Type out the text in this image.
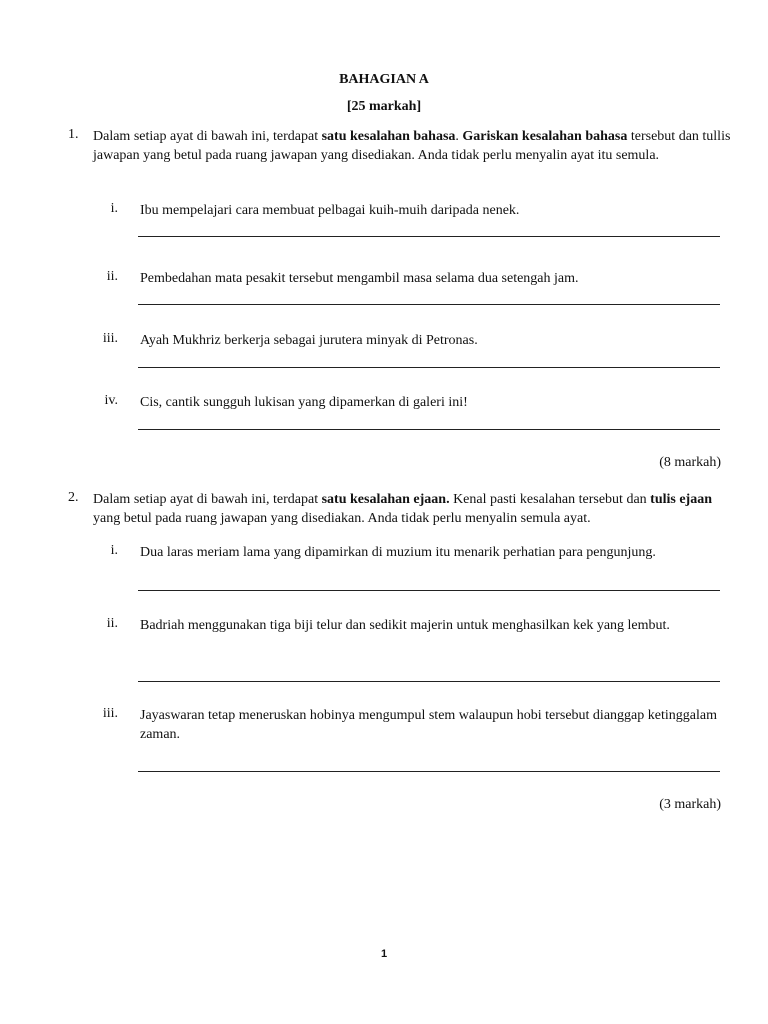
BAHAGIAN A
[25 markah]
1. Dalam setiap ayat di bawah ini, terdapat satu kesalahan bahasa. Gariskan kesalahan bahasa tersebut dan tullis jawapan yang betul pada ruang jawapan yang disediakan. Anda tidak perlu menyalin ayat itu semula.
i. Ibu mempelajari cara membuat pelbagai kuih-muih daripada nenek.
ii. Pembedahan mata pesakit tersebut mengambil masa selama dua setengah jam.
iii. Ayah Mukhriz berkerja sebagai jurutera minyak di Petronas.
iv. Cis, cantik sungguh lukisan yang dipamerkan di galeri ini!
(8 markah)
2. Dalam setiap ayat di bawah ini, terdapat satu kesalahan ejaan. Kenal pasti kesalahan tersebut dan tulis ejaan yang betul pada ruang jawapan yang disediakan. Anda tidak perlu menyalin semula ayat.
i. Dua laras meriam lama yang dipamirkan di muzium itu menarik perhatian para pengunjung.
ii. Badriah menggunakan tiga biji telur dan sedikit majerin untuk menghasilkan kek yang lembut.
iii. Jayaswaran tetap meneruskan hobinya mengumpul stem walaupun hobi tersebut dianggap ketinggalam zaman.
(3 markah)
1
